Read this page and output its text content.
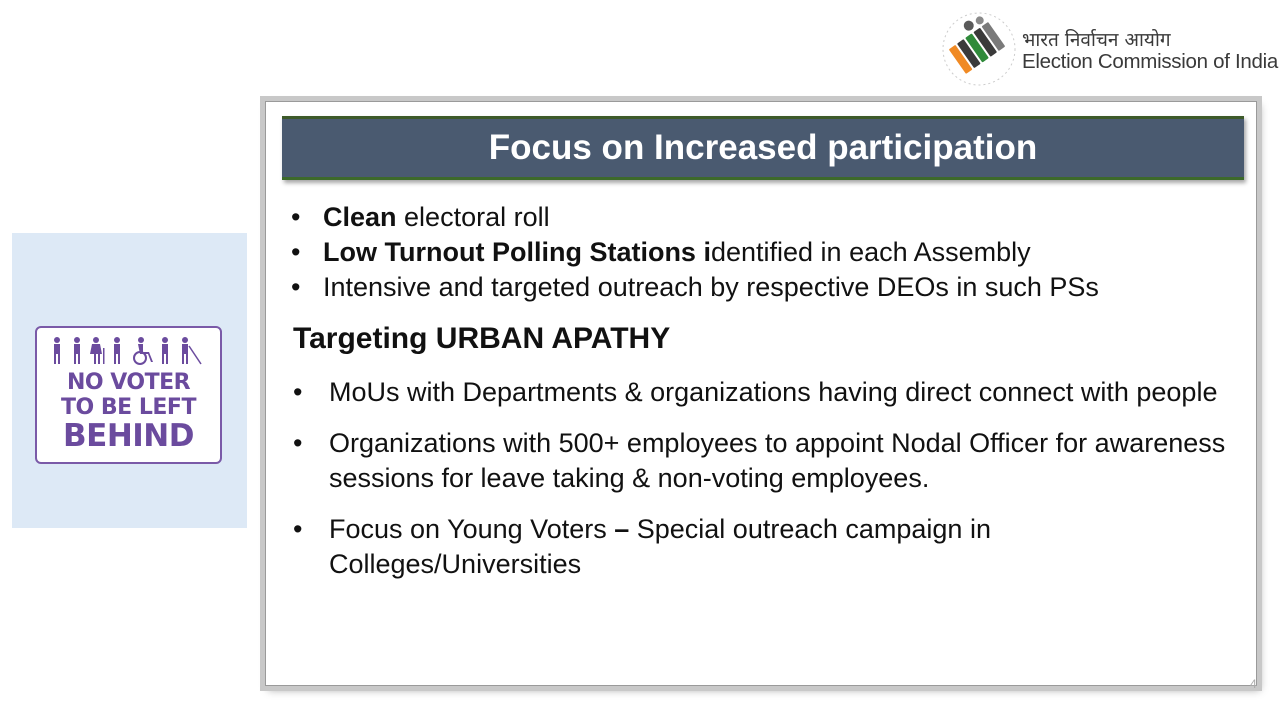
भारत निर्वाचन आयोग
Election Commission of India
NO VOTER
TO BE LEFT
BEHIND
Focus on Increased participation
• Clean electoral roll
• Low Turnout Polling Stations identified in each Assembly
• Intensive and targeted outreach by respective DEOs in such PSs
Targeting URBAN APATHY
• MoUs with Departments & organizations having direct connect with people
• Organizations with 500+ employees to appoint Nodal Officer for awareness sessions for leave taking & non-voting employees.
• Focus on Young Voters – Special outreach campaign in Colleges/Universities
4
